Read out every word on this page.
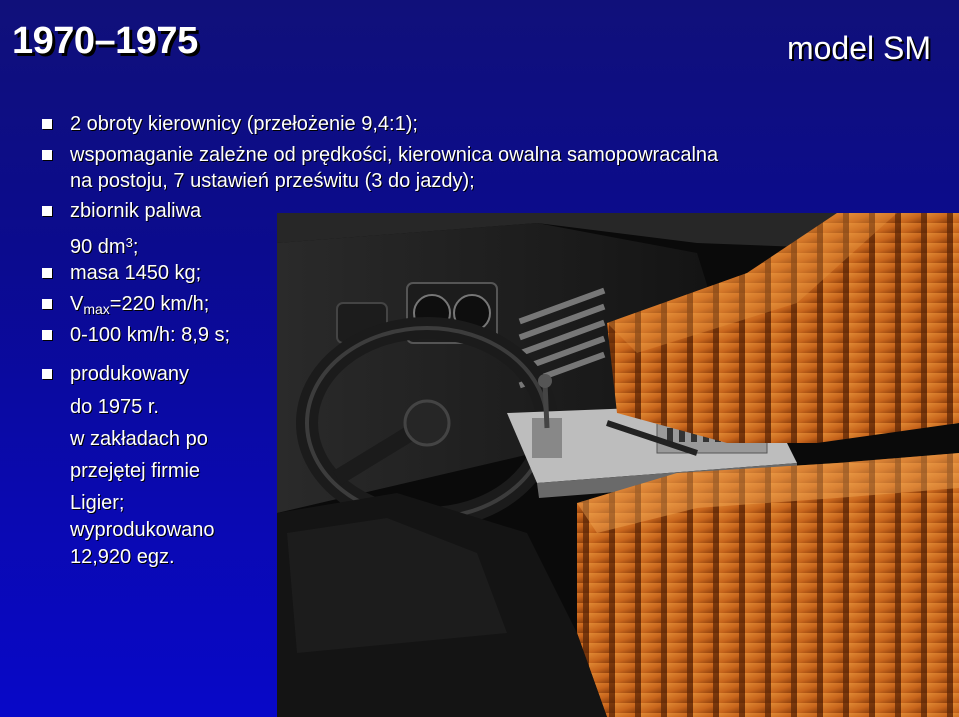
1970–1975	model SM
2 obroty kierownicy (przełożenie 9,4:1);
wspomaganie zależne od prędkości, kierownica owalna samopowracalna
na postoju, 7 ustawień prześwitu (3 do jazdy);
zbiornik paliwa
90 $dm^3$;
masa 1450 kg;
$V_{max}=220$ km/h;
0-100 km/h: 8,9 s;
produkowany
do 1975 r.
w zakładach po
przejętej firmie
Ligier;
wyprodukowano
12,920 egz.
